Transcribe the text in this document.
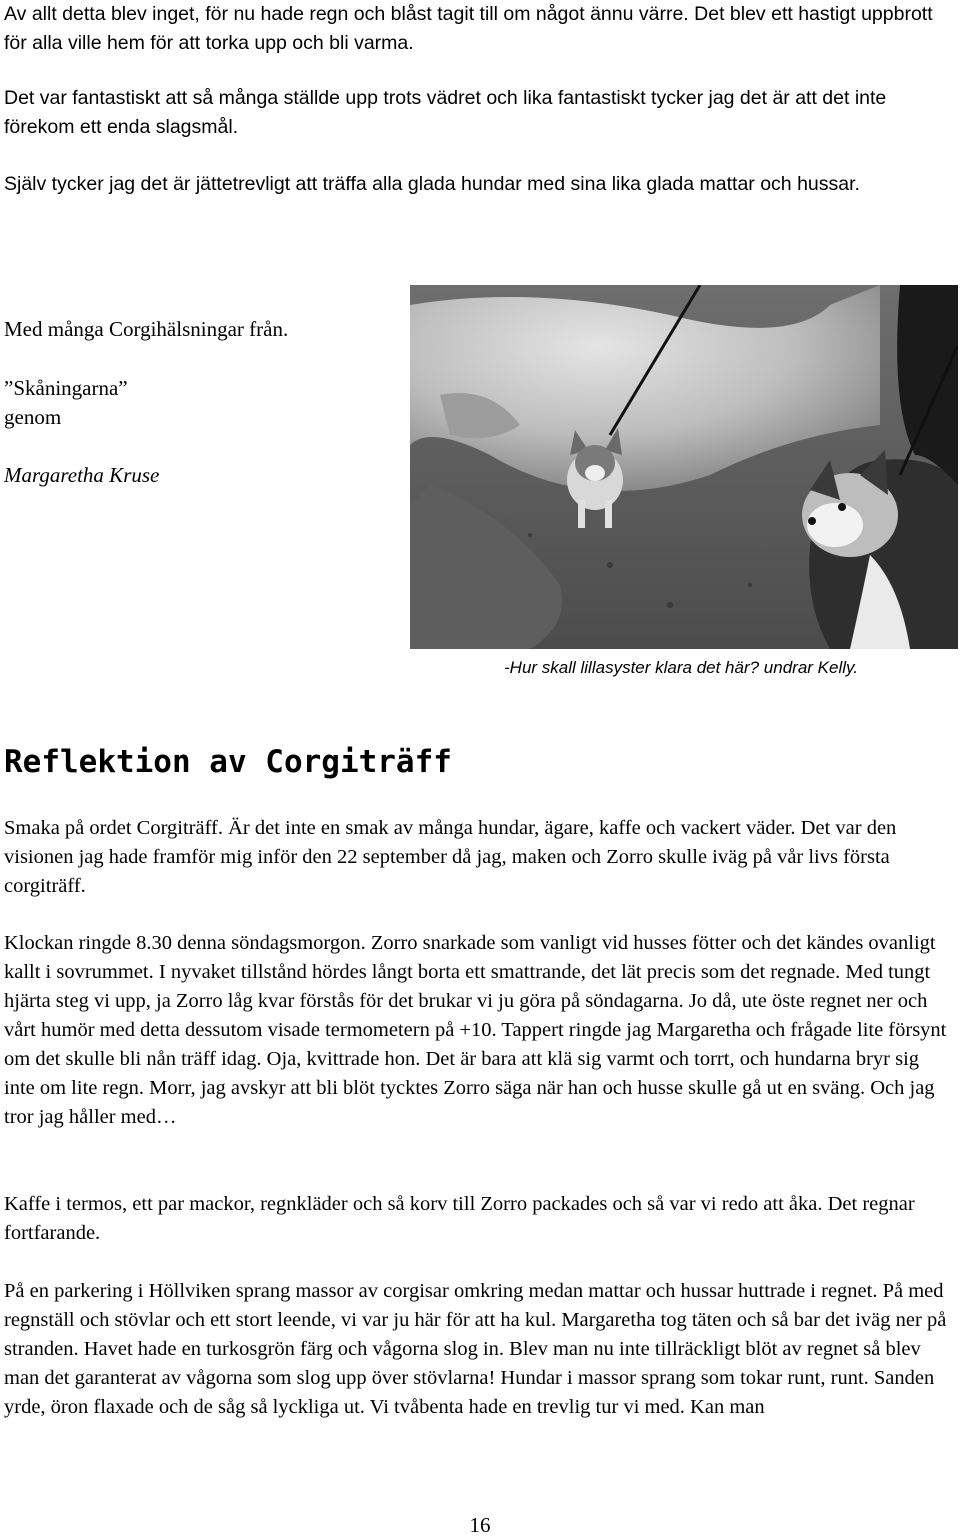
Av allt detta blev inget, för nu hade regn och blåst tagit till om något ännu värre. Det blev ett hastigt uppbrott för alla ville hem för att torka upp och bli varma.

Det var fantastiskt att så många ställde upp trots vädret och lika fantastiskt tycker jag det är att det inte förekom ett enda slagsmål.

Själv tycker jag det är jättetrevligt att träffa alla glada hundar med sina lika glada mattar och hussar.

Med många Corgihälsningar från.

”Skåningarna”

genom

Margaretha Kruse

-Hur skall lillasyster klara det här? undrar Kelly.
Reflektion av Corgiträff

Smaka på ordet Corgiträff. Är det inte en smak av många hundar, ägare, kaffe och vackert väder. Det var den visionen jag hade framför mig inför den 22 september då jag, maken och Zorro skulle iväg på vår livs första corgiträff.

Klockan ringde 8.30 denna söndagsmorgon. Zorro snarkade som vanligt vid husses fötter och det kändes ovanligt kallt i sovrummet. I nyvaket tillstånd hördes långt borta ett smattrande, det lät precis som det regnade. Med tungt hjärta steg vi upp, ja Zorro låg kvar förstås för det brukar vi ju göra på söndagarna. Jo då, ute öste regnet ner och vårt humör med detta dessutom visade termometern på +10. Tappert ringde jag Margaretha och frågade lite försynt om det skulle bli nån träff idag. Oja, kvittrade hon. Det är bara att klä sig varmt och torrt, och hundarna bryr sig inte om lite regn. Morr, jag avskyr att bli blöt tycktes Zorro säga när han och husse skulle gå ut en sväng. Och jag tror jag håller med…

Kaffe i termos, ett par mackor, regnkläder och så korv till Zorro packades och så var vi redo att åka. Det regnar fortfarande.

På en parkering i Höllviken sprang massor av corgisar omkring medan mattar och hussar huttrade i regnet. På med regnställ och stövlar och ett stort leende, vi var ju här för att ha kul. Margaretha tog täten och så bar det iväg ner på stranden. Havet hade en turkosgrön färg och vågorna slog in. Blev man nu inte tillräckligt blöt av regnet så blev man det garanterat av vågorna som slog upp över stövlarna! Hundar i massor sprang som tokar runt, runt. Sanden yrde, öron flaxade och de såg så lyckliga ut. Vi tvåbenta hade en trevlig tur vi med. Kan man

16
